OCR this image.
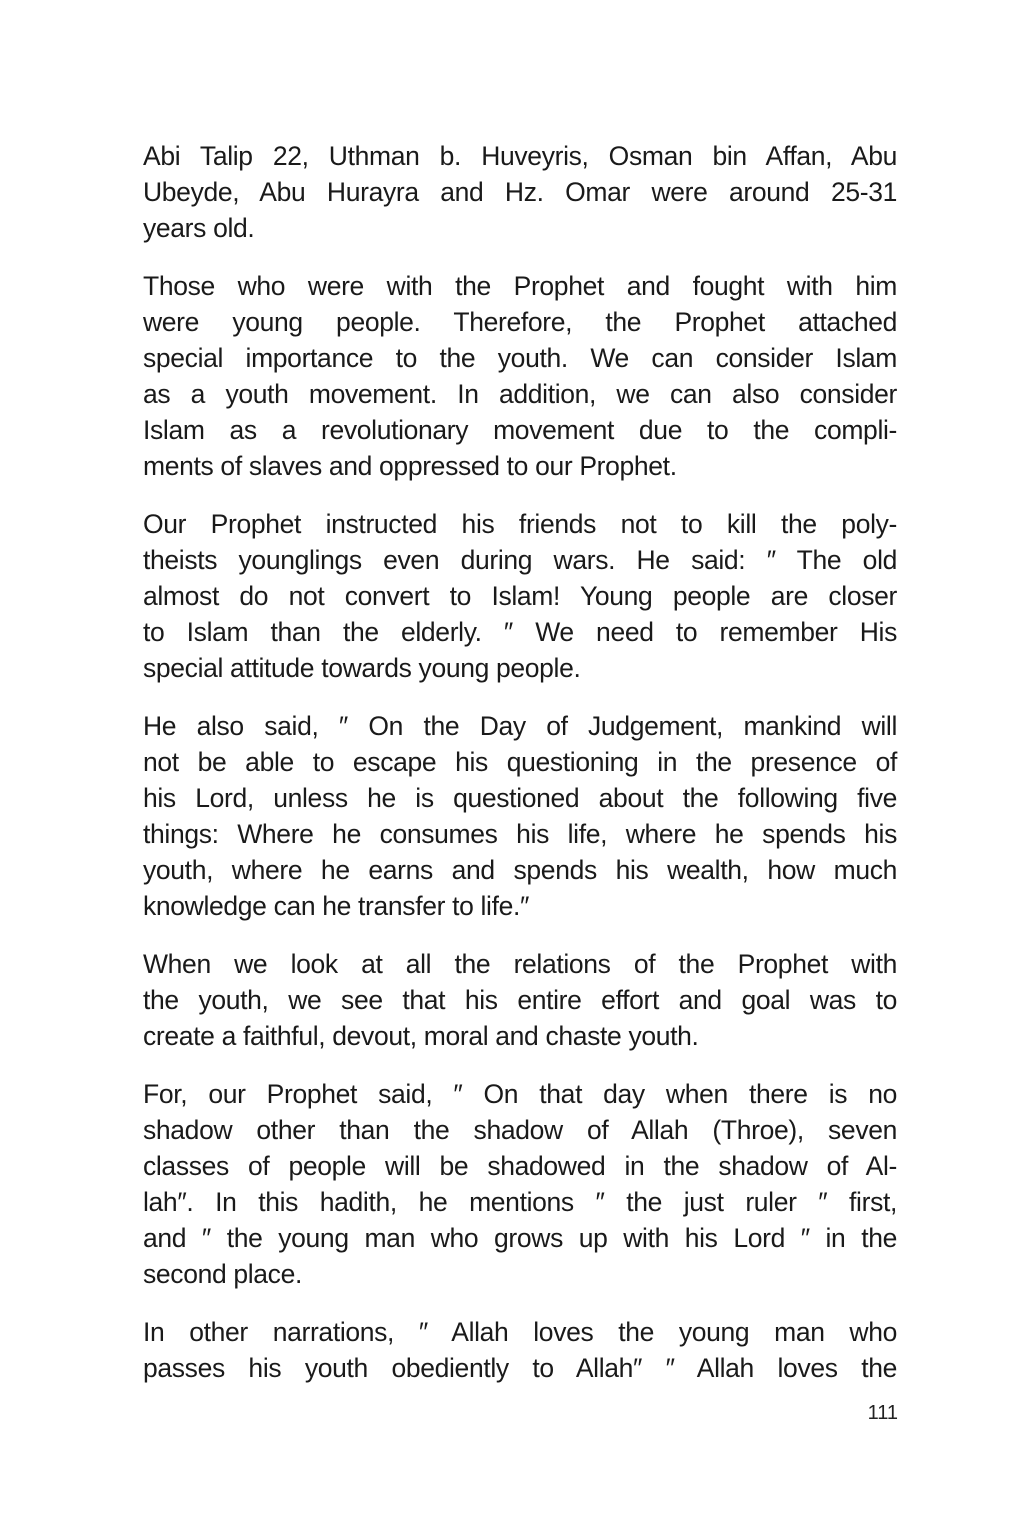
Abi Talip 22, Uthman b. Huveyris, Osman bin Affan, Abu
Ubeyde, Abu Hurayra and Hz. Omar were around 25-31
years old.

Those who were with the Prophet and fought with him
were young people. Therefore, the Prophet attached
special importance to the youth. We can consider Islam
as a youth movement. In addition, we can also consider
Islam as a revolutionary movement due to the compli-
ments of slaves and oppressed to our Prophet.

Our Prophet instructed his friends not to kill the poly-
theists younglings even during wars. He said: ″ The old
almost do not convert to Islam! Young people are closer
to Islam than the elderly. ″ We need to remember His
special attitude towards young people.

He also said, ″ On the Day of Judgement, mankind will
not be able to escape his questioning in the presence of
his Lord, unless he is questioned about the following five
things: Where he consumes his life, where he spends his
youth, where he earns and spends his wealth, how much
knowledge can he transfer to life.″

When we look at all the relations of the Prophet with
the youth, we see that his entire effort and goal was to
create a faithful, devout, moral and chaste youth.

For, our Prophet said, ″ On that day when there is no
shadow other than the shadow of Allah (Throe), seven
classes of people will be shadowed in the shadow of Al-
lah″. In this hadith, he mentions ″ the just ruler ″ first,
and ″ the young man who grows up with his Lord ″ in the
second place.

In other narrations, ″ Allah loves the young man who
passes his youth obediently to Allah″ ″ Allah loves the

111
